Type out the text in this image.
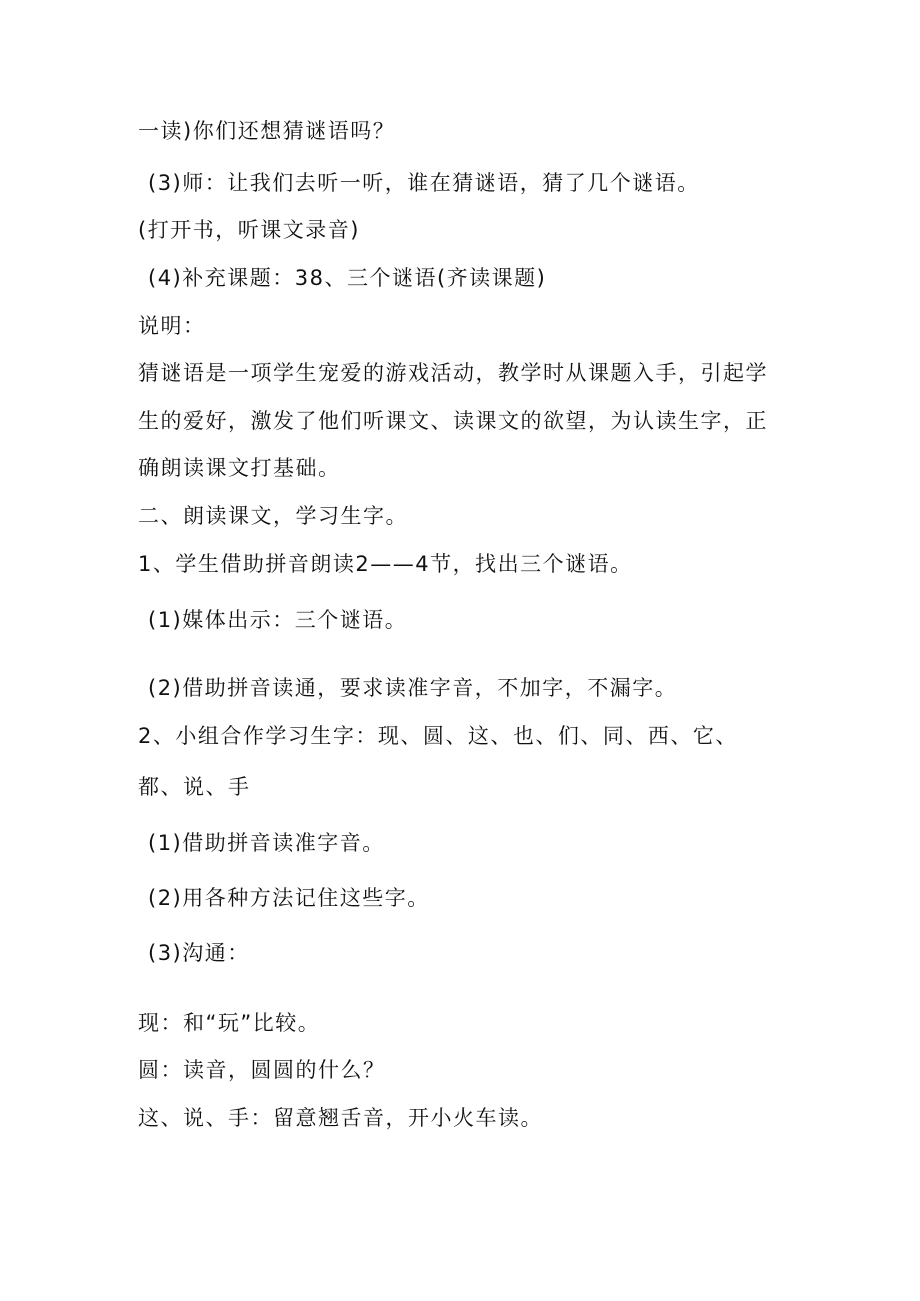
一读)你们还想猜谜语吗？
(3)师：让我们去听一听，谁在猜谜语，猜了几个谜语。
(打开书，听课文录音)
(4)补充课题：38、三个谜语(齐读课题)
说明：
猜谜语是一项学生宠爱的游戏活动，教学时从课题入手，引起学
生的爱好，激发了他们听课文、读课文的欲望，为认读生字，正
确朗读课文打基础。
二、朗读课文，学习生字。
1、学生借助拼音朗读2——4节，找出三个谜语。
(1)媒体出示：三个谜语。
(2)借助拼音读通，要求读准字音，不加字，不漏字。
2、小组合作学习生字：现、圆、这、也、们、同、西、它、
都、说、手
(1)借助拼音读准字音。
(2)用各种方法记住这些字。
(3)沟通：
现：和“玩”比较。
圆：读音，圆圆的什么？
这、说、手：留意翘舌音，开小火车读。
